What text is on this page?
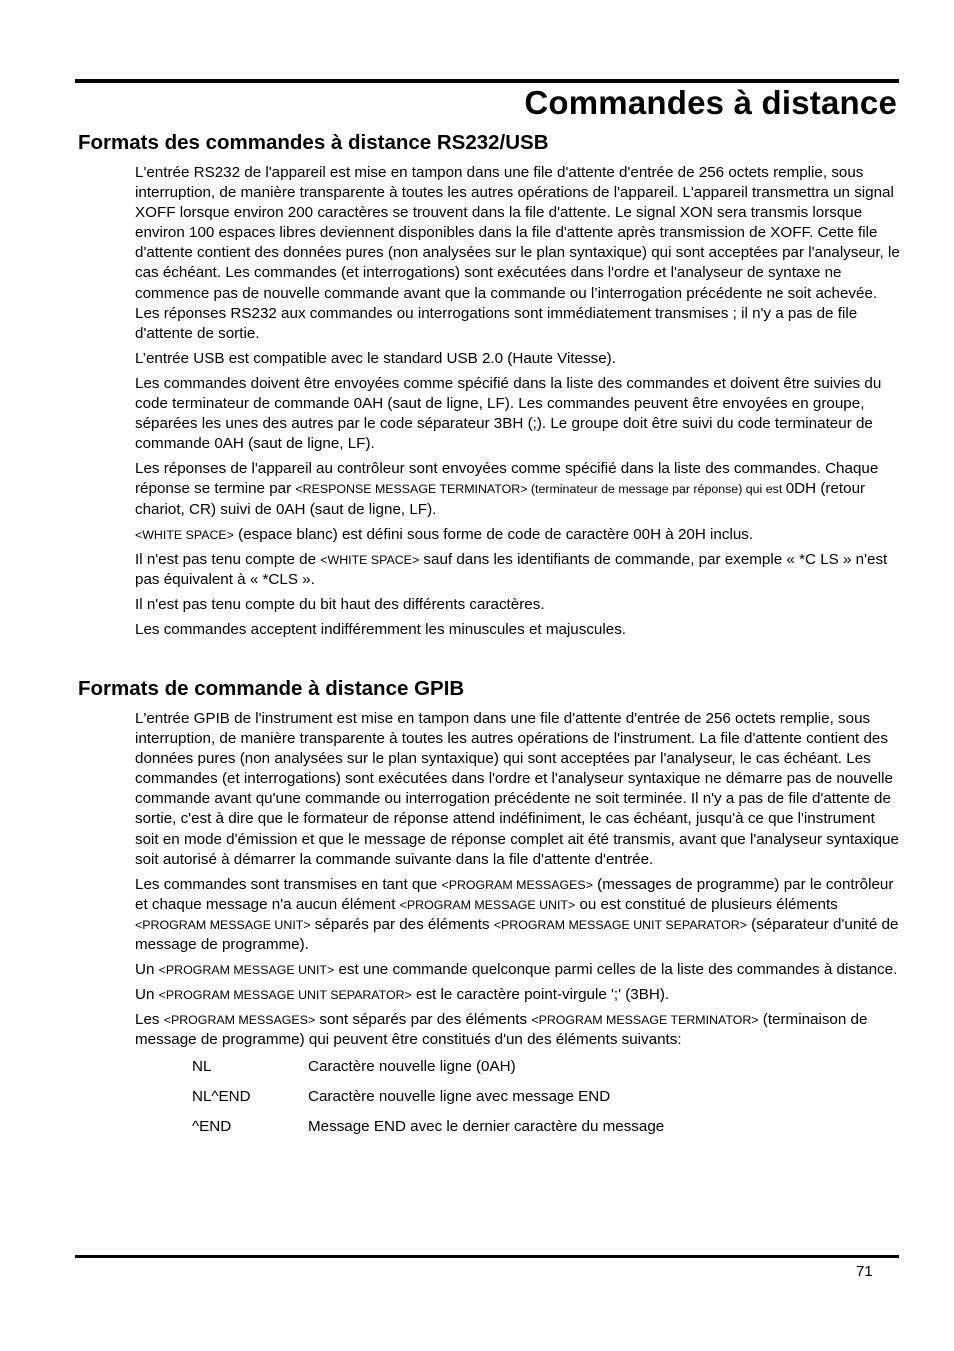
Commandes à distance
Formats des commandes à distance RS232/USB

L'entrée RS232 de l'appareil est mise en tampon dans une file d'attente d'entrée de 256 octets remplie, sous interruption, de manière transparente à toutes les autres opérations de l'appareil. L'appareil transmettra un signal XOFF lorsque environ 200 caractères se trouvent dans la file d'attente. Le signal XON sera transmis lorsque environ 100 espaces libres deviennent disponibles dans la file d'attente après transmission de XOFF. Cette file d'attente contient des données pures (non analysées sur le plan syntaxique) qui sont acceptées par l'analyseur, le cas échéant. Les commandes (et interrogations) sont exécutées dans l'ordre et l'analyseur de syntaxe ne commence pas de nouvelle commande avant que la commande ou l’interrogation précédente ne soit achevée. Les réponses RS232 aux commandes ou interrogations sont immédiatement transmises ; il n'y a pas de file d'attente de sortie.

L’entrée USB est compatible avec le standard USB 2.0 (Haute Vitesse).

Les commandes doivent être envoyées comme spécifié dans la liste des commandes et doivent être suivies du code terminateur de commande 0AH (saut de ligne, LF). Les commandes peuvent être envoyées en groupe, séparées les unes des autres par le code séparateur 3BH (;). Le groupe doit être suivi du code terminateur de commande 0AH (saut de ligne, LF).

Les réponses de l'appareil au contrôleur sont envoyées comme spécifié dans la liste des commandes. Chaque réponse se termine par <RESPONSE MESSAGE TERMINATOR> (terminateur de message par réponse) qui est 0DH (retour chariot, CR) suivi de 0AH (saut de ligne, LF).

<WHITE SPACE> (espace blanc) est défini sous forme de code de caractère 00H à 20H inclus.

Il n'est pas tenu compte de <WHITE SPACE> sauf dans les identifiants de commande, par exemple « *C LS » n'est pas équivalent à « *CLS ».

Il n'est pas tenu compte du bit haut des différents caractères.

Les commandes acceptent indifféremment les minuscules et majuscules.

Formats de commande à distance GPIB

L'entrée GPIB de l'instrument est mise en tampon dans une file d'attente d'entrée de 256 octets remplie, sous interruption, de manière transparente à toutes les autres opérations de l'instrument. La file d'attente contient des données pures (non analysées sur le plan syntaxique) qui sont acceptées par l'analyseur, le cas échéant. Les commandes (et interrogations) sont exécutées dans l'ordre et l'analyseur syntaxique ne démarre pas de nouvelle commande avant qu'une commande ou interrogation précédente ne soit terminée. Il n'y a pas de file d'attente de sortie, c'est à dire que le formateur de réponse attend indéfiniment, le cas échéant, jusqu'à ce que l'instrument soit en mode d'émission et que le message de réponse complet ait été transmis, avant que l'analyseur syntaxique soit autorisé à démarrer la commande suivante dans la file d'attente d'entrée.

Les commandes sont transmises en tant que <PROGRAM MESSAGES> (messages de programme) par le contrôleur et chaque message n'a aucun élément <PROGRAM MESSAGE UNIT> ou est constitué de plusieurs éléments <PROGRAM MESSAGE UNIT> séparés par des éléments <PROGRAM MESSAGE UNIT SEPARATOR> (séparateur d'unité de message de programme).

Un <PROGRAM MESSAGE UNIT> est une commande quelconque parmi celles de la liste des commandes à distance.

Un <PROGRAM MESSAGE UNIT SEPARATOR> est le caractère point-virgule ';' (3BH).

Les <PROGRAM MESSAGES> sont séparés par des éléments <PROGRAM MESSAGE TERMINATOR> (terminaison de message de programme) qui peuvent être constitués d'un des éléments suivants:

NL	Caractère nouvelle ligne (0AH)
NL^END	Caractère nouvelle ligne avec message END
^END	Message END avec le dernier caractère du message
71
